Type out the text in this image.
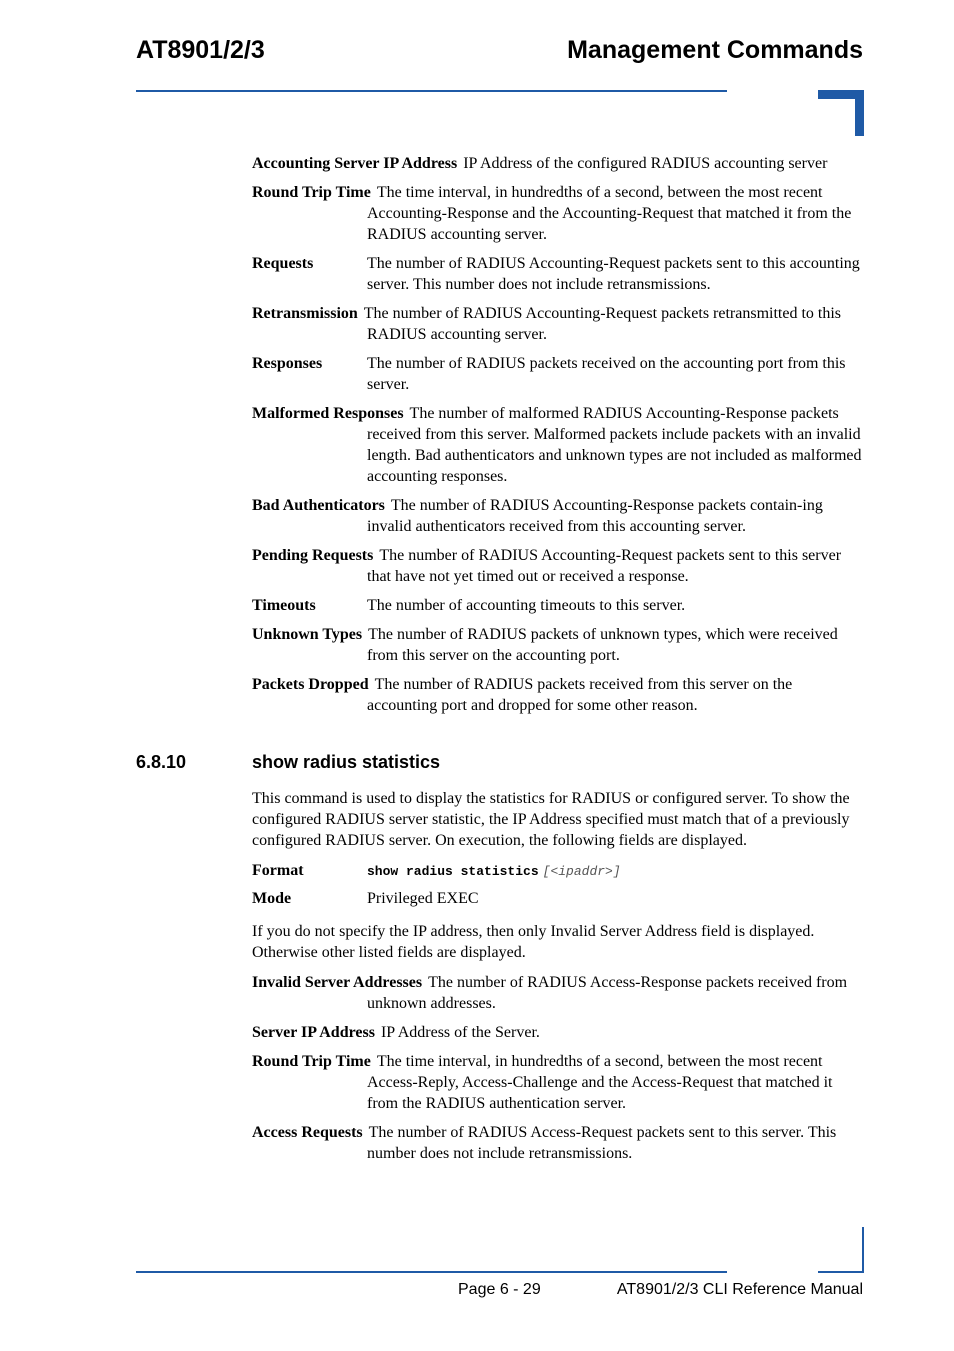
AT8901/2/3	Management Commands

Accounting Server IP Address IP Address of the configured RADIUS accounting server

Round Trip Time The time interval, in hundredths of a second, between the most recent Accounting-Response and the Accounting-Request that matched it from the RADIUS accounting server.

Requests	The number of RADIUS Accounting-Request packets sent to this accounting server. This number does not include retransmissions.

Retransmission The number of RADIUS Accounting-Request packets retransmitted to this RADIUS accounting server.

Responses	The number of RADIUS packets received on the accounting port from this server.

Malformed Responses The number of malformed RADIUS Accounting-Response packets received from this server. Malformed packets include packets with an invalid length. Bad authenticators and unknown types are not included as malformed accounting responses.

Bad Authenticators The number of RADIUS Accounting-Response packets contain-ing invalid authenticators received from this accounting server.

Pending Requests The number of RADIUS Accounting-Request packets sent to this server that have not yet timed out or received a response.

Timeouts	The number of accounting timeouts to this server.

Unknown Types The number of RADIUS packets of unknown types, which were received from this server on the accounting port.

Packets Dropped The number of RADIUS packets received from this server on the accounting port and dropped for some other reason.

6.8.10	show radius statistics

This command is used to display the statistics for RADIUS or configured server. To show the configured RADIUS server statistic, the IP Address specified must match that of a previously configured RADIUS server. On execution, the following fields are displayed.

Format	show radius statistics [<ipaddr>]

Mode	Privileged EXEC

If you do not specify the IP address, then only Invalid Server Address field is displayed. Otherwise other listed fields are displayed.

Invalid Server Addresses The number of RADIUS Access-Response packets received from unknown addresses.

Server IP Address IP Address of the Server.

Round Trip Time The time interval, in hundredths of a second, between the most recent Access-Reply, Access-Challenge and the Access-Request that matched it from the RADIUS authentication server.

Access Requests The number of RADIUS Access-Request packets sent to this server. This number does not include retransmissions.

Page 6 - 29	AT8901/2/3 CLI Reference Manual
